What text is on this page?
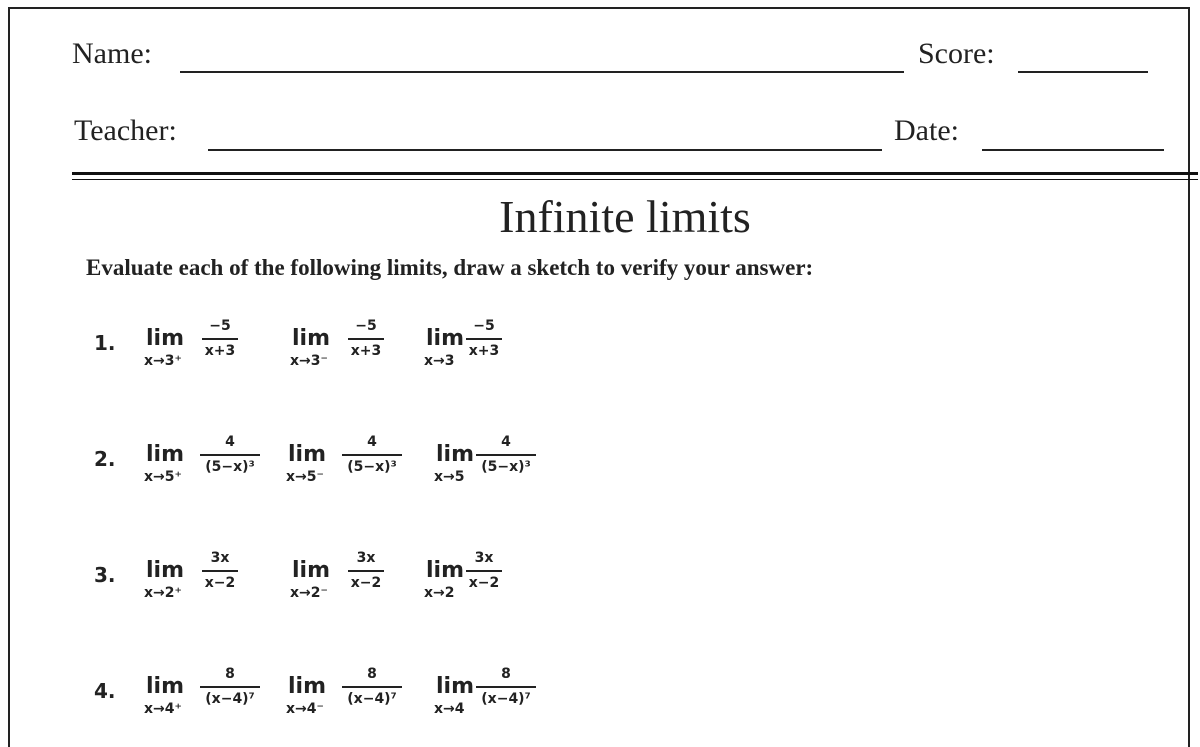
Name:	Score:
Teacher:	Date:
Infinite limits
Evaluate each of the following limits, draw a sketch to verify your answer:
1. lim
x→3⁺
−5
x+3	lim
x→3⁻
−5
x+3 lim
x→3
−5
x+3
2. lim
x→5⁺
4
(5−x)³ lim
x→5⁻
4
(5−x)³ lim
x→5
4
(5−x)³
3. lim
x→2⁺
3x
x−2	lim
x→2⁻
3x
x−2 lim
x→2
3x
x−2
4. lim
x→4⁺
8
(x−4)⁷ lim
x→4⁻
8
(x−4)⁷ lim
x→4
8
(x−4)⁷
